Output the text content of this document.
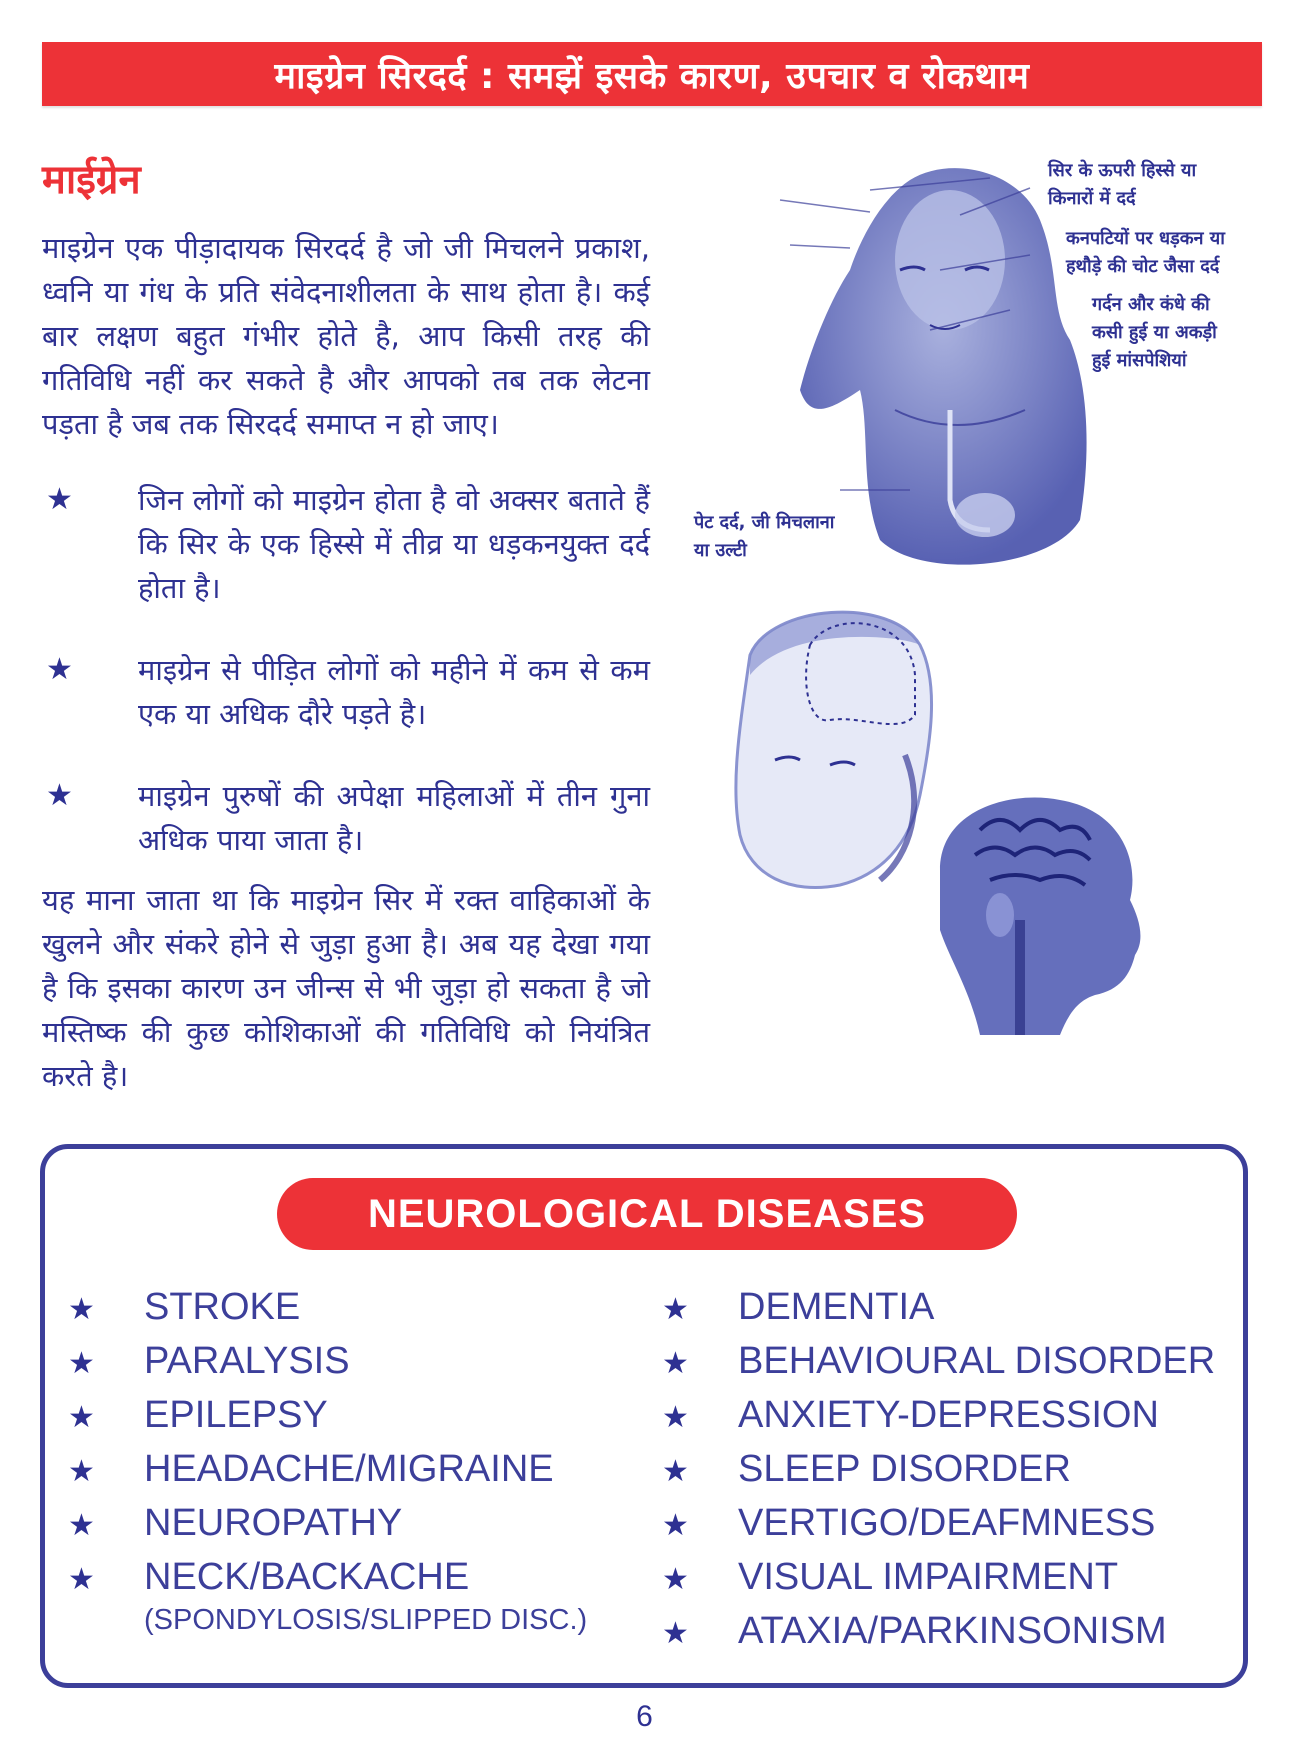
माइग्रेन सिरदर्द : समझें इसके कारण, उपचार व रोकथाम
माईग्रेन
माइग्रेन एक पीड़ादायक सिरदर्द है जो जी मिचलने प्रकाश, ध्वनि या गंध के प्रति संवेदनाशीलता के साथ होता है। कई बार लक्षण बहुत गंभीर होते है, आप किसी तरह की गतिविधि नहीं कर सकते है और आपको तब तक लेटना पड़ता है जब तक सिरदर्द समाप्त न हो जाए।
★	जिन लोगों को माइग्रेन होता है वो अक्सर बताते हैं कि सिर के एक हिस्से में तीव्र या धड़कनयुक्त दर्द होता है।
★	माइग्रेन से पीड़ित लोगों को महीने में कम से कम एक या अधिक दौरे पड़ते है।
★	माइग्रेन पुरुषों की अपेक्षा महिलाओं में तीन गुना अधिक पाया जाता है।
यह माना जाता था कि माइग्रेन सिर में रक्त वाहिकाओं के खुलने और संकरे होने से जुड़ा हुआ है। अब यह देखा गया है कि इसका कारण उन जीन्स से भी जुड़ा हो सकता है जो मस्तिष्क की कुछ कोशिकाओं की गतिविधि को नियंत्रित करते है।
सिर के ऊपरी हिस्से या
किनारों में दर्द
कनपटियों पर धड़कन या
हथौड़े की चोट जैसा दर्द
गर्दन और कंधे की
कसी हुई या अकड़ी
हुई मांसपेशियां
पेट दर्द, जी मिचलाना
या उल्टी
NEUROLOGICAL DISEASES
★	STROKE
★	PARALYSIS
★	EPILEPSY
★	HEADACHE/MIGRAINE
★	NEUROPATHY
★	NECK/BACKACHE
(SPONDYLOSIS/SLIPPED DISC.)
★	DEMENTIA
★	BEHAVIOURAL DISORDER
★	ANXIETY-DEPRESSION
★	SLEEP DISORDER
★	VERTIGO/DEAFMNESS
★	VISUAL IMPAIRMENT
★	ATAXIA/PARKINSONISM
6
